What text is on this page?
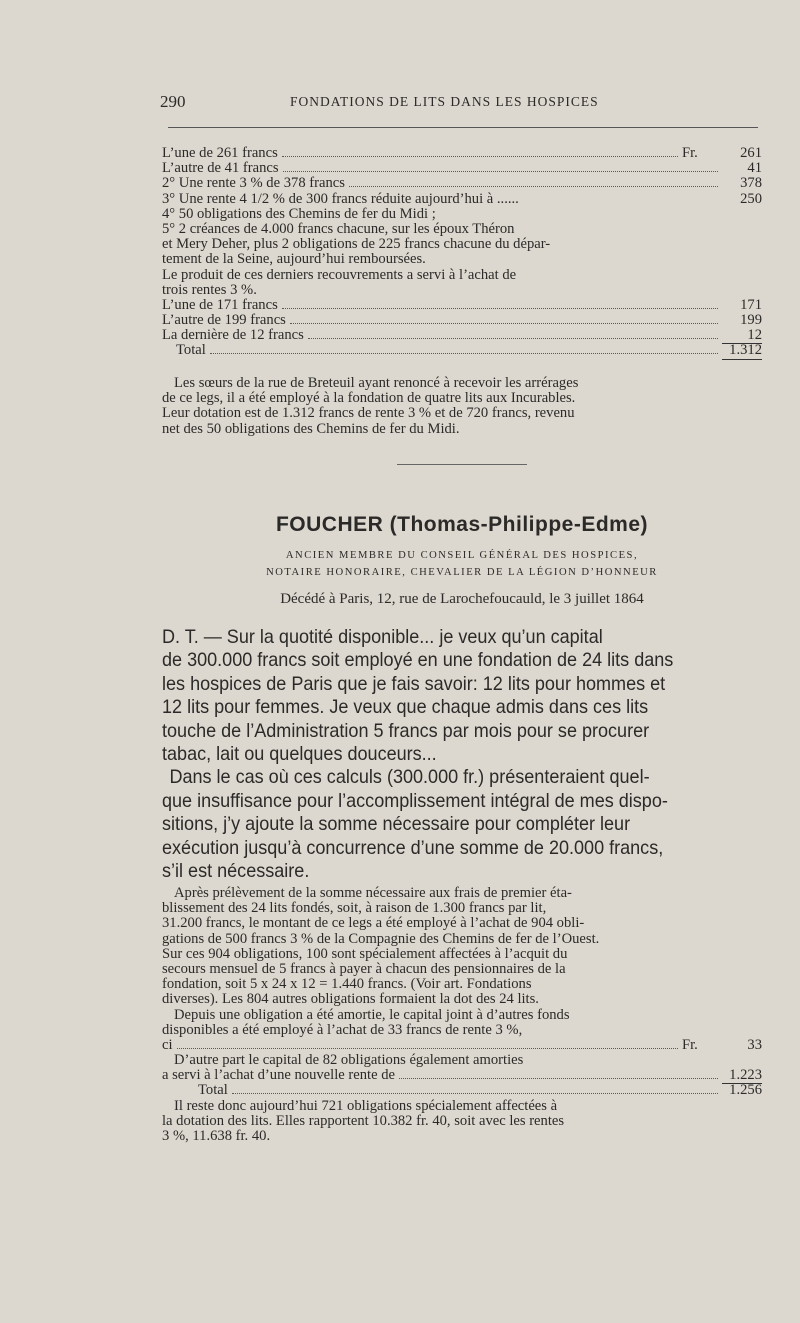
290	FONDATIONS DE LITS DANS LES HOSPICES
L’une de 261 francs	Fr.	261
L’autre de 41 francs	41
2° Une rente 3 % de 378 francs	378
3° Une rente 4 1/2 % de 300 francs réduite aujourd’hui à ......	250
4° 50 obligations des Chemins de fer du Midi ;
5° 2 créances de 4.000 francs chacune, sur les époux Théron
et Mery Deher, plus 2 obligations de 225 francs chacune du dépar-
tement de la Seine, aujourd’hui remboursées.
Le produit de ces derniers recouvrements a servi à l’achat de
trois rentes 3 %.
L’une de 171 francs	171
L’autre de 199 francs	199
La dernière de 12 francs	12
Total	1.312
Les sœurs de la rue de Breteuil ayant renoncé à recevoir les arrérages
de ce legs, il a été employé à la fondation de quatre lits aux Incurables.
Leur dotation est de 1.312 francs de rente 3 % et de 720 francs, revenu
net des 50 obligations des Chemins de fer du Midi.
FOUCHER (Thomas-Philippe-Edme)
ANCIEN MEMBRE DU CONSEIL GÉNÉRAL DES HOSPICES,
NOTAIRE HONORAIRE, CHEVALIER DE LA LÉGION D’HONNEUR
Décédé à Paris, 12, rue de Larochefoucauld, le 3 juillet 1864
D. T. — Sur la quotité disponible... je veux qu’un capital
de 300.000 francs soit employé en une fondation de 24 lits dans
les hospices de Paris que je fais savoir: 12 lits pour hommes et
12 lits pour femmes. Je veux que chaque admis dans ces lits
touche de l’Administration 5 francs par mois pour se procurer
tabac, lait ou quelques douceurs...
Dans le cas où ces calculs (300.000 fr.) présenteraient quel-
que insuffisance pour l’accomplissement intégral de mes dispo-
sitions, j’y ajoute la somme nécessaire pour compléter leur
exécution jusqu’à concurrence d’une somme de 20.000 francs,
s’il est nécessaire.
Après prélèvement de la somme nécessaire aux frais de premier éta-
blissement des 24 lits fondés, soit, à raison de 1.300 francs par lit,
31.200 francs, le montant de ce legs a été employé à l’achat de 904 obli-
gations de 500 francs 3 % de la Compagnie des Chemins de fer de l’Ouest.
Sur ces 904 obligations, 100 sont spécialement affectées à l’acquit du
secours mensuel de 5 francs à payer à chacun des pensionnaires de la
fondation, soit 5 x 24 x 12 = 1.440 francs. (Voir art. Fondations
diverses). Les 804 autres obligations formaient la dot des 24 lits.
Depuis une obligation a été amortie, le capital joint à d’autres fonds
disponibles a été employé à l’achat de 33 francs de rente 3 %,
ci	Fr.	33
D’autre part le capital de 82 obligations également amorties
a servi à l’achat d’une nouvelle rente de	1.223
Total	1.256
Il reste donc aujourd’hui 721 obligations spécialement affectées à
la dotation des lits. Elles rapportent 10.382 fr. 40, soit avec les rentes
3 %, 11.638 fr. 40.
